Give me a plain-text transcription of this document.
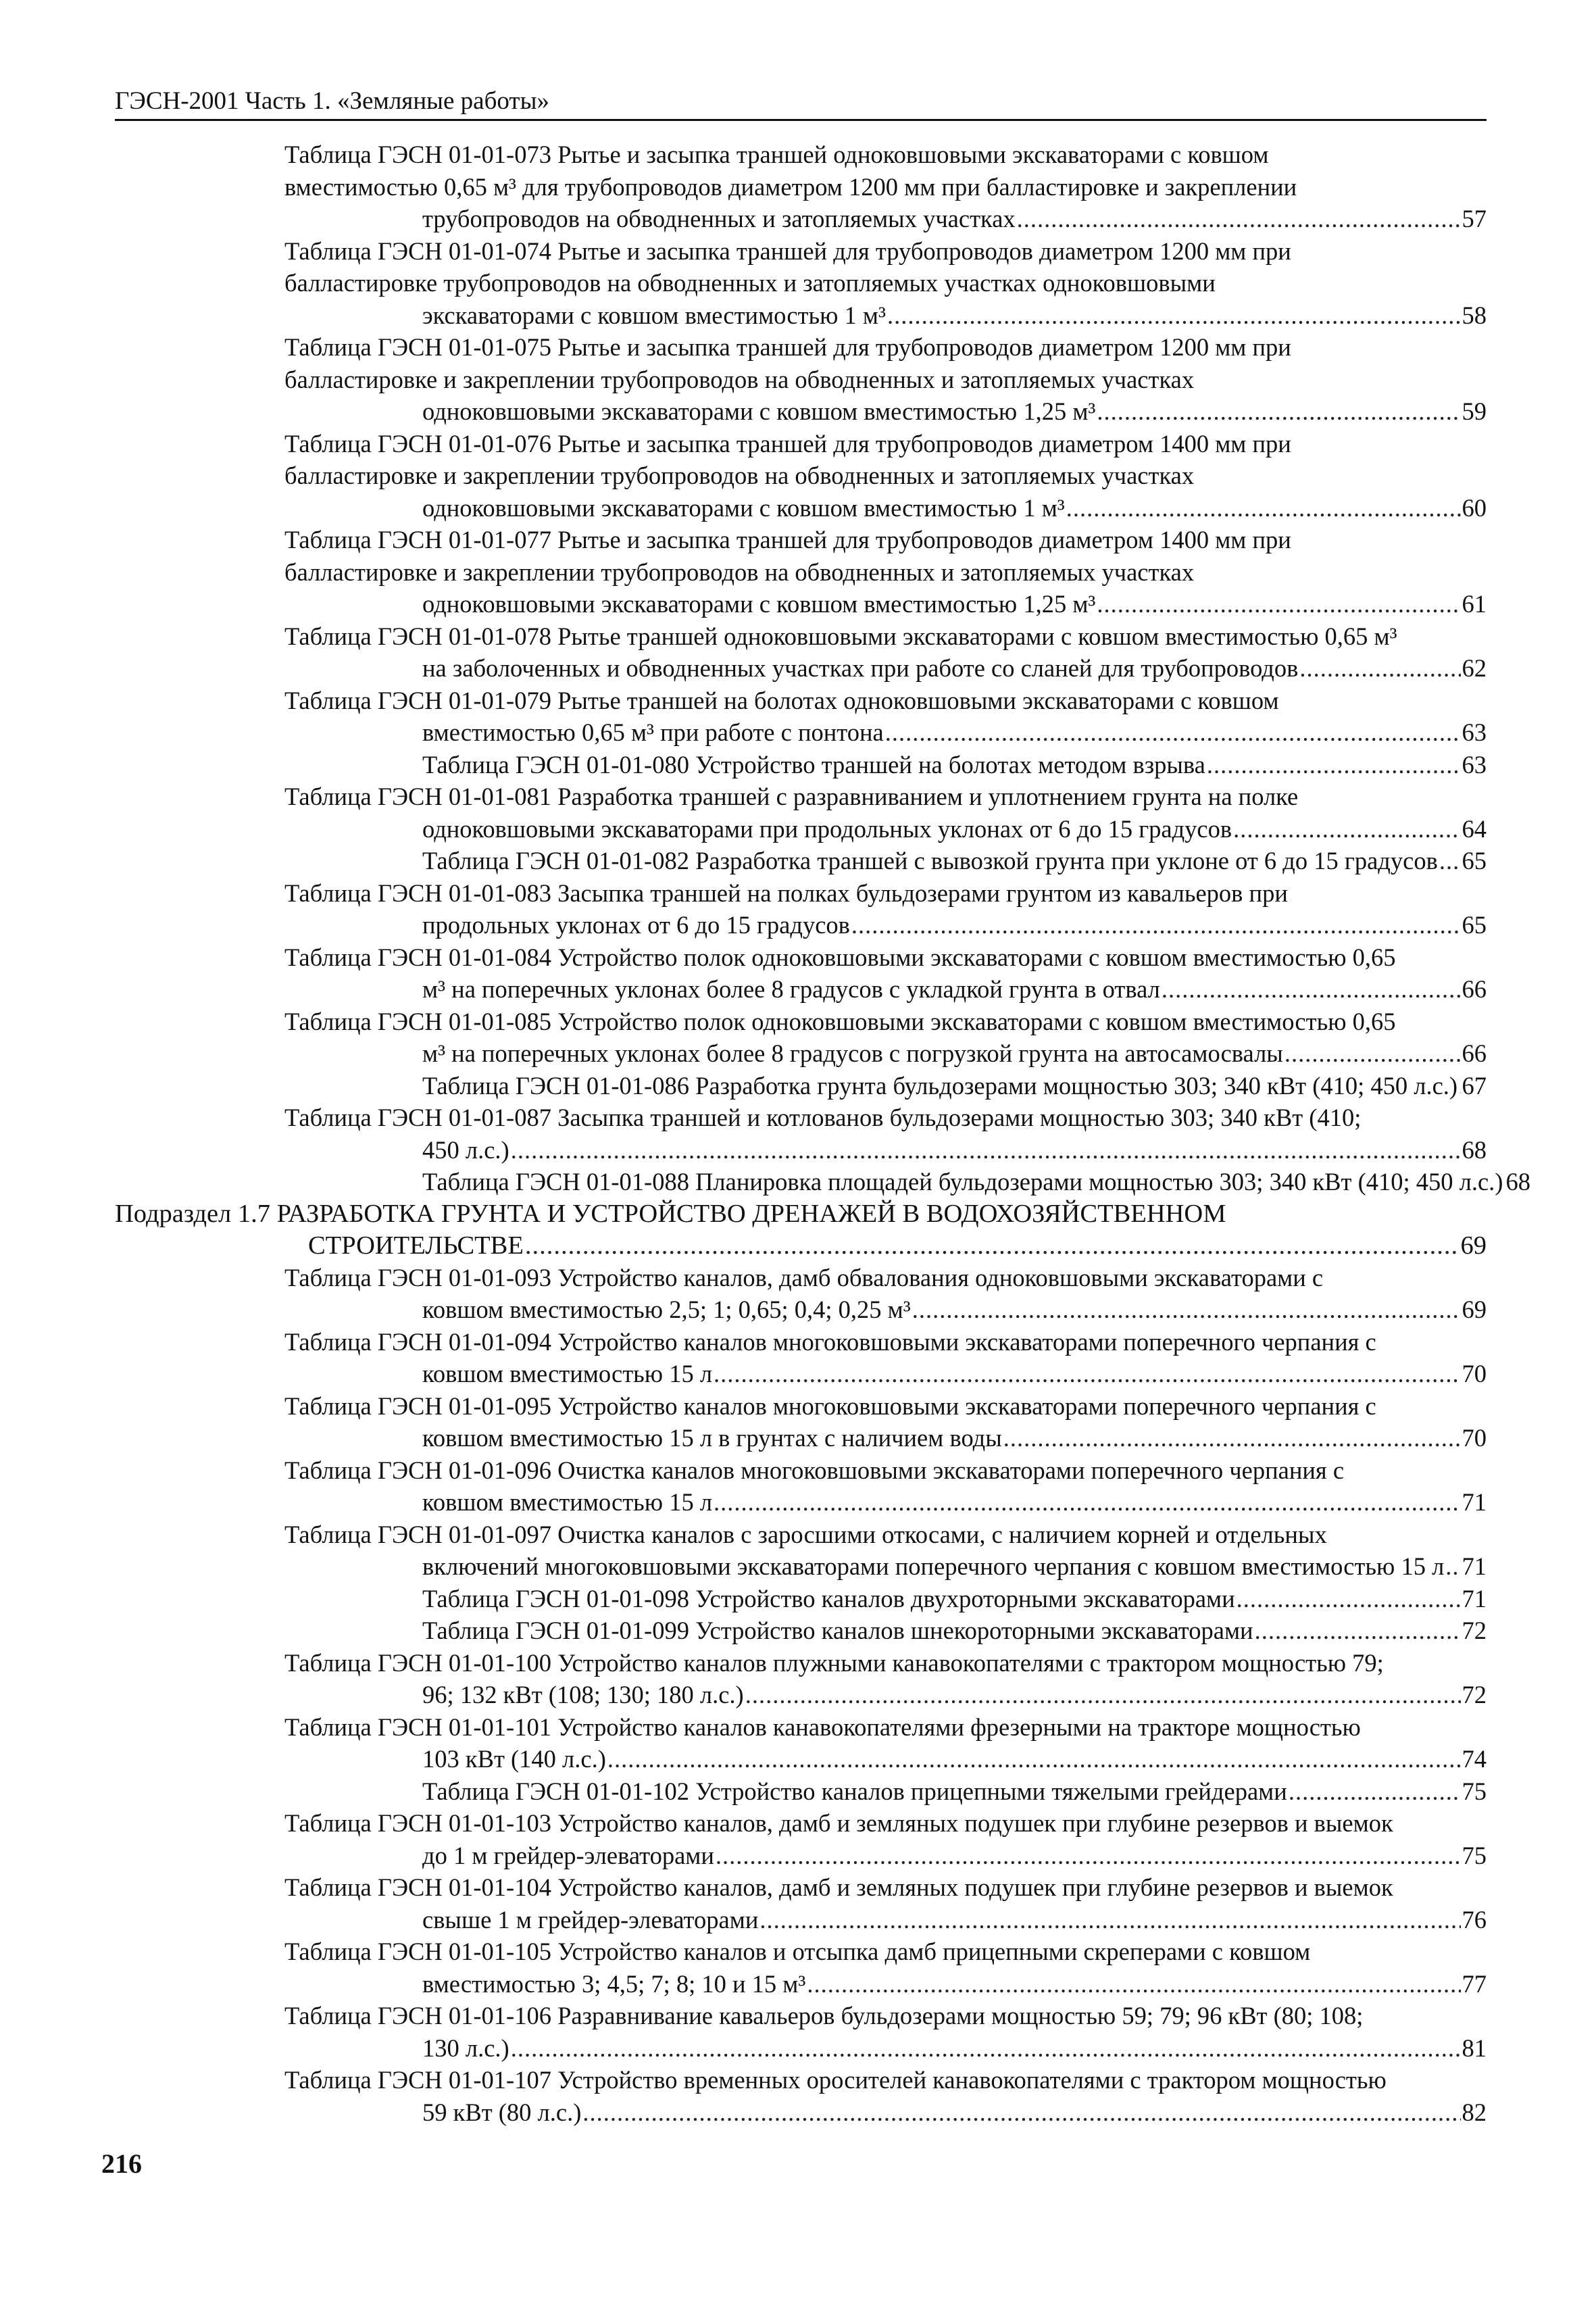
ГЭСН-2001 Часть 1. «Земляные работы»
Таблица ГЭСН 01-01-073 Рытье и засыпка траншей одноковшовыми экскаваторами с ковшом
вместимостью 0,65 м³ для трубопроводов диаметром 1200 мм при балластировке и закреплении
трубопроводов на обводненных и затопляемых участках .....	57
Таблица ГЭСН 01-01-074 Рытье и засыпка траншей для трубопроводов диаметром 1200 мм при
балластировке трубопроводов на обводненных и затопляемых участках одноковшовыми
экскаваторами с ковшом вместимостью 1 м³ .....	58
Таблица ГЭСН 01-01-075 Рытье и засыпка траншей для трубопроводов диаметром 1200 мм при
балластировке и закреплении трубопроводов на обводненных и затопляемых участках
одноковшовыми экскаваторами с ковшом вместимостью 1,25 м³ .....	59
Таблица ГЭСН 01-01-076 Рытье и засыпка траншей для трубопроводов диаметром 1400 мм при
балластировке и закреплении трубопроводов на обводненных и затопляемых участках
одноковшовыми экскаваторами с ковшом вместимостью 1 м³ .....	60
Таблица ГЭСН 01-01-077 Рытье и засыпка траншей для трубопроводов диаметром 1400 мм при
балластировке и закреплении трубопроводов на обводненных и затопляемых участках
одноковшовыми экскаваторами с ковшом вместимостью 1,25 м³ .....	61
Таблица ГЭСН 01-01-078 Рытье траншей одноковшовыми экскаваторами с ковшом вместимостью 0,65 м³
на заболоченных и обводненных участках при работе со сланей для трубопроводов .....	62
Таблица ГЭСН 01-01-079 Рытье траншей на болотах одноковшовыми экскаваторами с ковшом
вместимостью 0,65 м³ при работе с понтона .....	63
Таблица ГЭСН 01-01-080 Устройство траншей на болотах методом взрыва .....	63
Таблица ГЭСН 01-01-081 Разработка траншей с разравниванием и уплотнением грунта на полке
одноковшовыми экскаваторами при продольных уклонах от 6 до 15 градусов .....	64
Таблица ГЭСН 01-01-082 Разработка траншей с вывозкой грунта при уклоне от 6 до 15 градусов ..... 65
Таблица ГЭСН 01-01-083 Засыпка траншей на полках бульдозерами грунтом из кавальеров при
продольных уклонах от 6 до 15 градусов .....	65
Таблица ГЭСН 01-01-084 Устройство полок одноковшовыми экскаваторами с ковшом вместимостью 0,65
м³ на поперечных уклонах более 8 градусов с укладкой грунта в отвал .....	66
Таблица ГЭСН 01-01-085 Устройство полок одноковшовыми экскаваторами с ковшом вместимостью 0,65
м³ на поперечных уклонах более 8 градусов с погрузкой грунта на автосамосвалы .....	66
Таблица ГЭСН 01-01-086 Разработка грунта бульдозерами мощностью 303; 340 кВт (410; 450 л.с.) ..... 67
Таблица ГЭСН 01-01-087 Засыпка траншей и котлованов бульдозерами мощностью 303; 340 кВт (410;
450 л.с.) .....	68
Таблица ГЭСН 01-01-088 Планировка площадей бульдозерами мощностью 303; 340 кВт (410; 450 л.с.) 68
Подраздел 1.7 РАЗРАБОТКА ГРУНТА И УСТРОЙСТВО ДРЕНАЖЕЙ В ВОДОХОЗЯЙСТВЕННОМ
СТРОИТЕЛЬСТВЕ .....	69
Таблица ГЭСН 01-01-093 Устройство каналов, дамб обвалования одноковшовыми экскаваторами с
ковшом вместимостью 2,5; 1; 0,65; 0,4; 0,25 м³ .....	69
Таблица ГЭСН 01-01-094 Устройство каналов многоковшовыми экскаваторами поперечного черпания с
ковшом вместимостью 15 л .....	70
Таблица ГЭСН 01-01-095 Устройство каналов многоковшовыми экскаваторами поперечного черпания с
ковшом вместимостью 15 л в грунтах с наличием воды .....	70
Таблица ГЭСН 01-01-096 Очистка каналов многоковшовыми экскаваторами поперечного черпания с
ковшом вместимостью 15 л .....	71
Таблица ГЭСН 01-01-097 Очистка каналов с заросшими откосами, с наличием корней и отдельных
включений многоковшовыми экскаваторами поперечного черпания с ковшом вместимостью 15 л ..... 71
Таблица ГЭСН 01-01-098 Устройство каналов двухроторными экскаваторами .....	71
Таблица ГЭСН 01-01-099 Устройство каналов шнекороторными экскаваторами .....	72
Таблица ГЭСН 01-01-100 Устройство каналов плужными канавокопателями с трактором мощностью 79;
96; 132 кВт (108; 130; 180 л.с.) .....	72
Таблица ГЭСН 01-01-101 Устройство каналов канавокопателями фрезерными на тракторе мощностью
103 кВт (140 л.с.) .....	74
Таблица ГЭСН 01-01-102 Устройство каналов прицепными тяжелыми грейдерами .....	75
Таблица ГЭСН 01-01-103 Устройство каналов, дамб и земляных подушек при глубине резервов и выемок
до 1 м грейдер-элеваторами .....	75
Таблица ГЭСН 01-01-104 Устройство каналов, дамб и земляных подушек при глубине резервов и выемок
свыше 1 м грейдер-элеваторами .....	76
Таблица ГЭСН 01-01-105 Устройство каналов и отсыпка дамб прицепными скреперами с ковшом
вместимостью 3; 4,5; 7; 8; 10 и 15 м³ .....	77
Таблица ГЭСН 01-01-106 Разравнивание кавальеров бульдозерами мощностью 59; 79; 96 кВт (80; 108;
130 л.с.) .....	81
Таблица ГЭСН 01-01-107 Устройство временных оросителей канавокопателями с трактором мощностью
59 кВт (80 л.с.) .....	82
216
